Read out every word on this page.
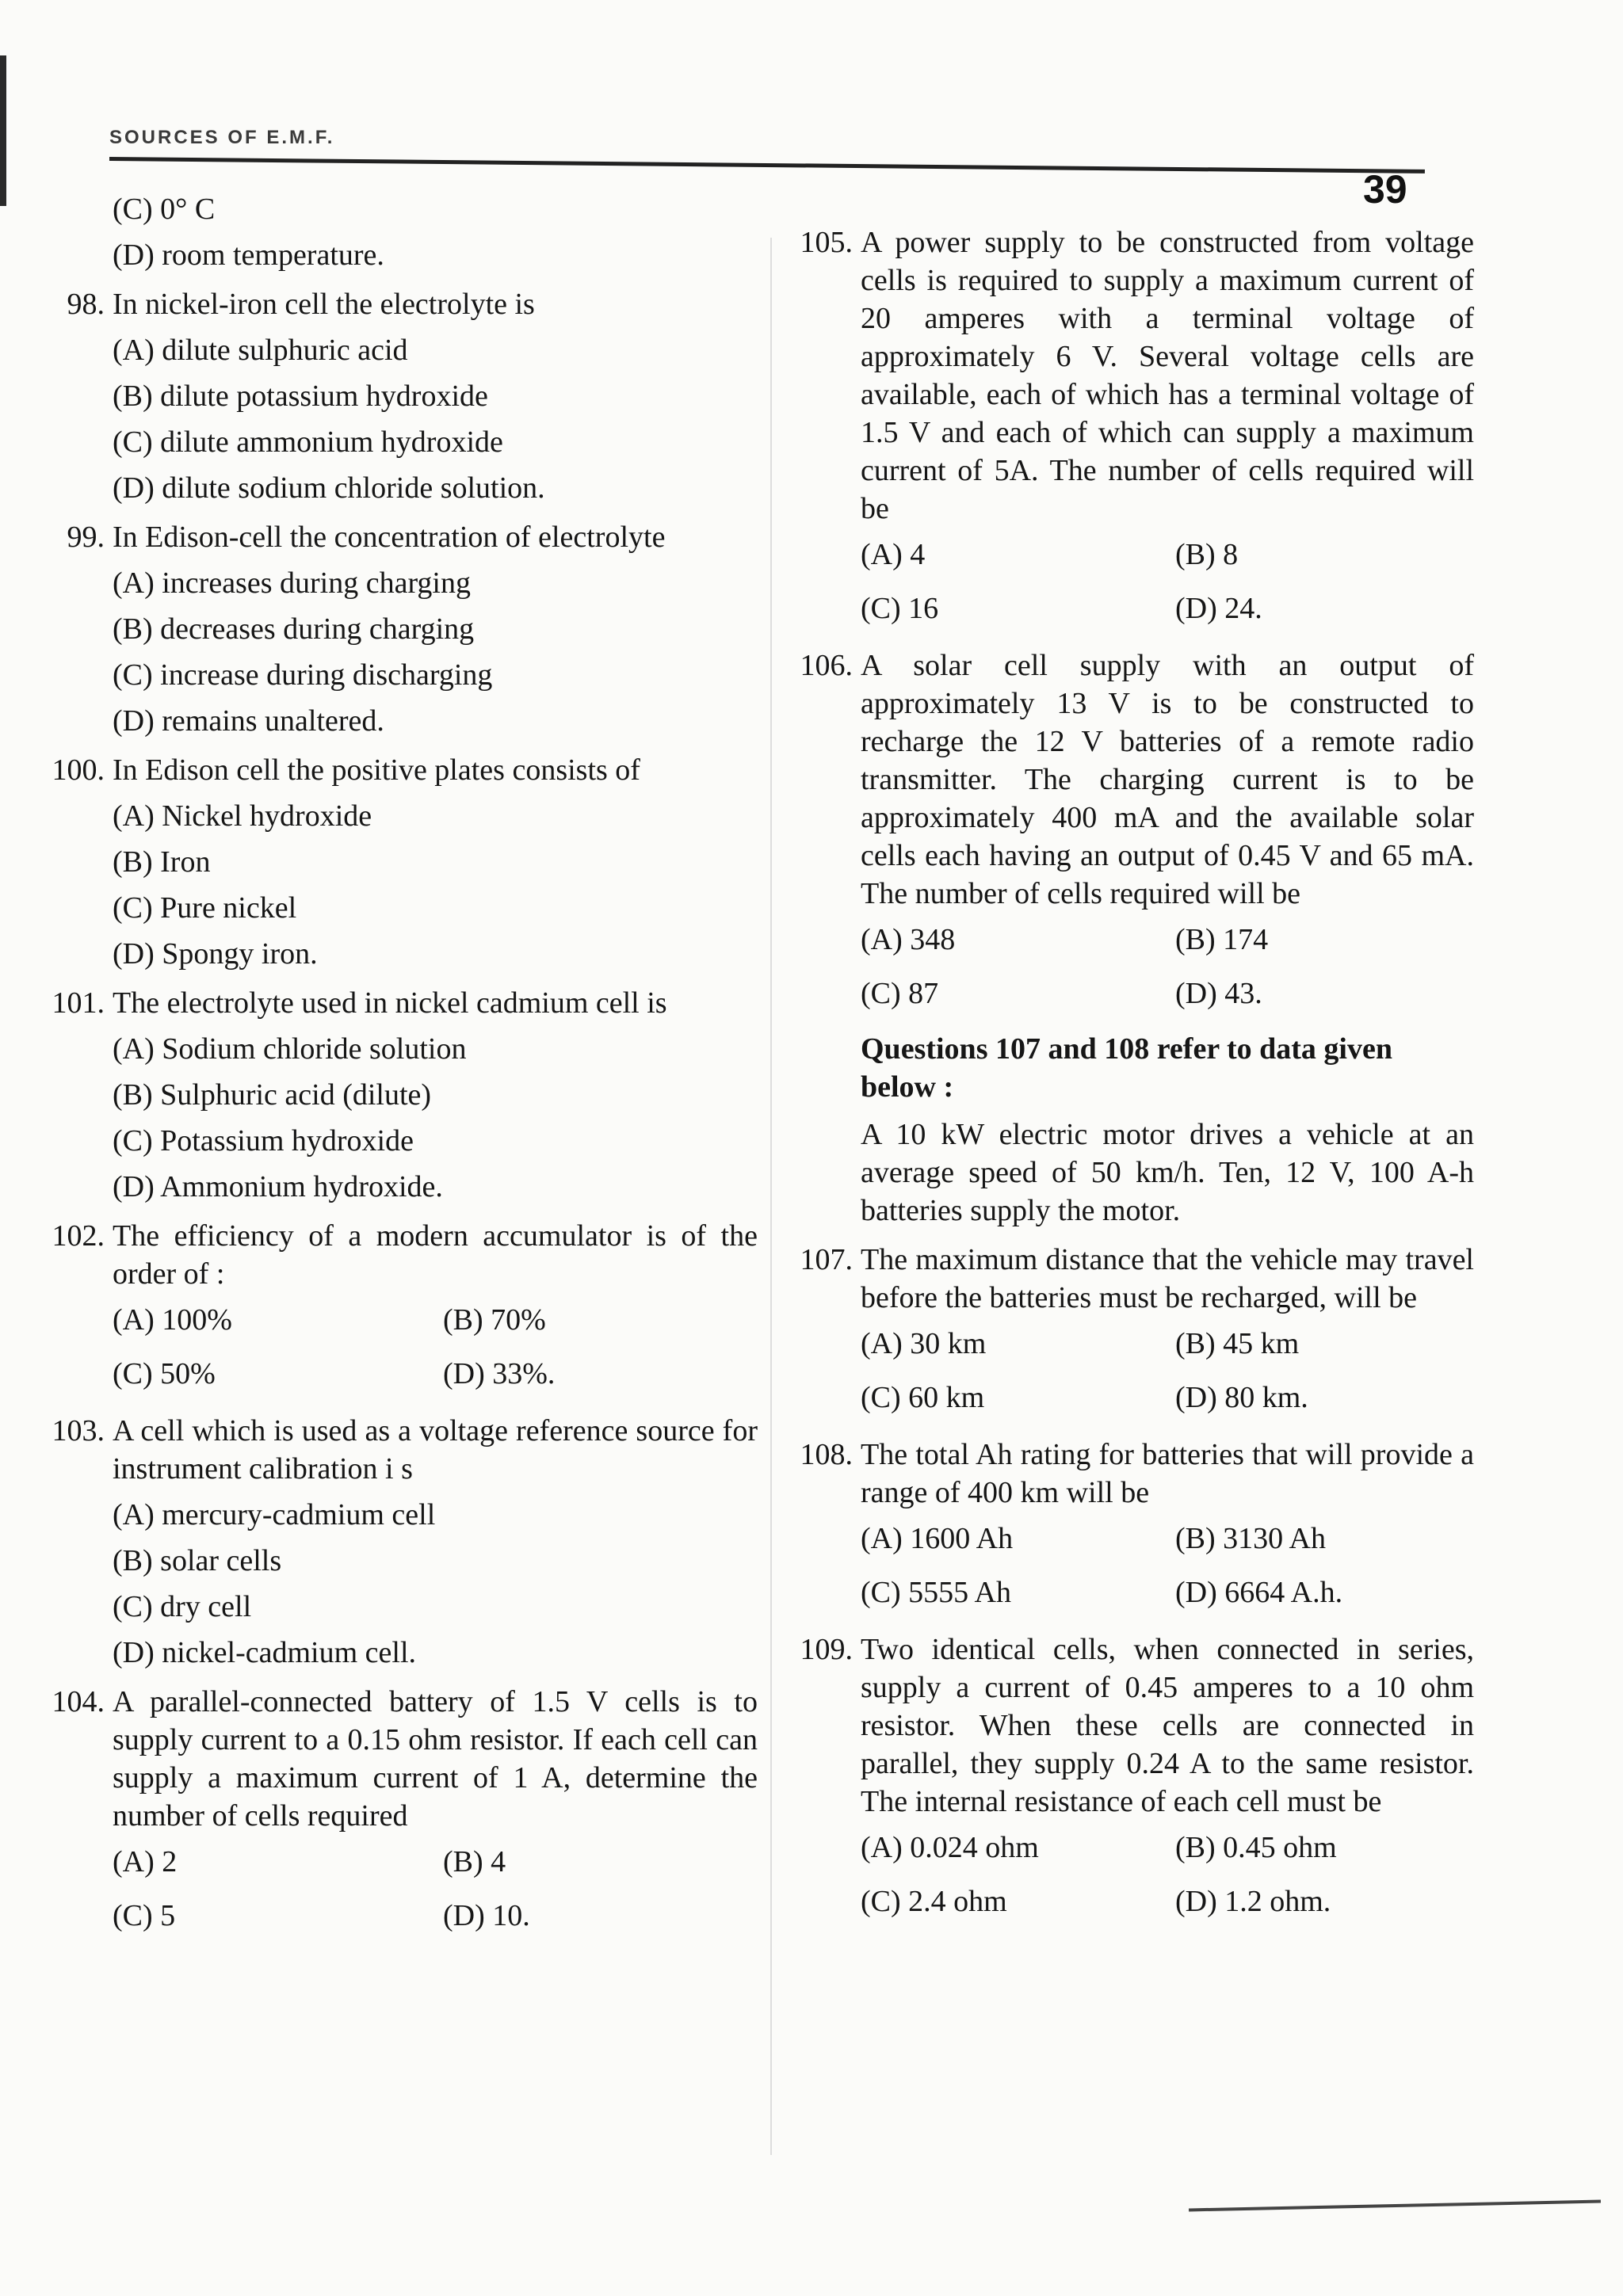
SOURCES OF E.M.F.
39
(C) 0° C
(D) room temperature.
98. In nickel-iron cell the electrolyte is
(A) dilute sulphuric acid
(B) dilute potassium hydroxide
(C) dilute ammonium hydroxide
(D) dilute sodium chloride solution.
99. In Edison-cell the concentration of electrolyte
(A) increases during charging
(B) decreases during charging
(C) increase during discharging
(D) remains unaltered.
100. In Edison cell the positive plates consists of
(A) Nickel hydroxide
(B) Iron
(C) Pure nickel
(D) Spongy iron.
101. The electrolyte used in nickel cadmium cell is
(A) Sodium chloride solution
(B) Sulphuric acid (dilute)
(C) Potassium hydroxide
(D) Ammonium hydroxide.
102. The efficiency of a modern accumulator is of the order of :
(A) 100%	(B) 70%
(C) 50%	(D) 33%.
103. A cell which is used as a voltage reference source for instrument calibration i s
(A) mercury-cadmium cell
(B) solar cells
(C) dry cell
(D) nickel-cadmium cell.
104. A parallel-connected battery of 1.5 V cells is to supply current to a 0.15 ohm resistor. If each cell can supply a maximum current of 1 A, determine the number of cells required
(A) 2	(B) 4
(C) 5	(D) 10.
105. A power supply to be constructed from voltage cells is required to supply a maximum current of 20 amperes with a terminal voltage of approximately 6 V. Several voltage cells are available, each of which has a terminal voltage of 1.5 V and each of which can supply a maximum current of 5A. The number of cells required will be
(A) 4	(B) 8
(C) 16	(D) 24.
106. A solar cell supply with an output of approximately 13 V is to be constructed to recharge the 12 V batteries of a remote radio transmitter. The charging current is to be approximately 400 mA and the available solar cells each having an output of 0.45 V and 65 mA. The number of cells required will be
(A) 348	(B) 174
(C) 87	(D) 43.
Questions 107 and 108 refer to data given below :
A 10 kW electric motor drives a vehicle at an average speed of 50 km/h. Ten, 12 V, 100 A-h batteries supply the motor.
107. The maximum distance that the vehicle may travel before the batteries must be recharged, will be
(A) 30 km	(B) 45 km
(C) 60 km	(D) 80 km.
108. The total Ah rating for batteries that will provide a range of 400 km will be
(A) 1600 Ah	(B) 3130 Ah
(C) 5555 Ah	(D) 6664 A.h.
109. Two identical cells, when connected in series, supply a current of 0.45 amperes to a 10 ohm resistor. When these cells are connected in parallel, they supply 0.24 A to the same resistor. The internal resistance of each cell must be
(A) 0.024 ohm	(B) 0.45 ohm
(C) 2.4 ohm	(D) 1.2 ohm.
